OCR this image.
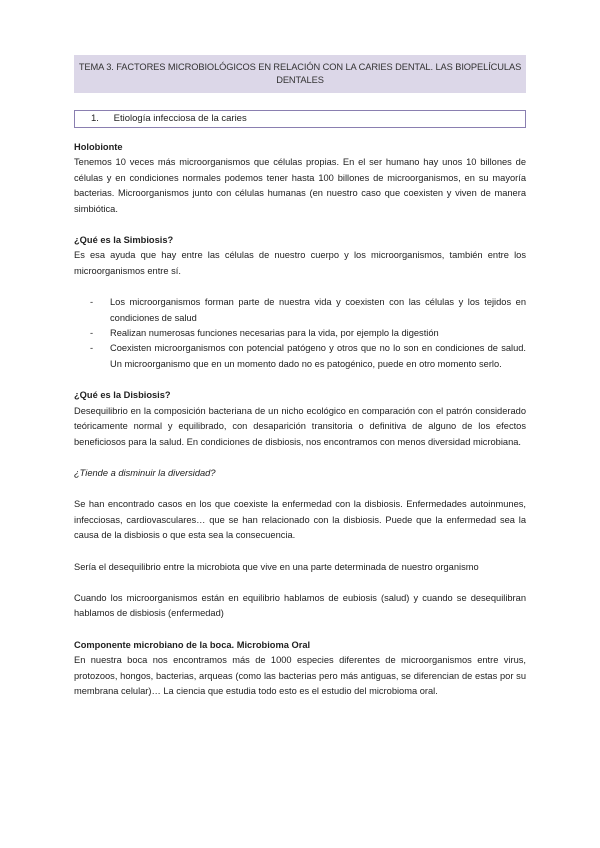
TEMA 3. FACTORES MICROBIOLÓGICOS EN RELACIÓN CON LA CARIES DENTAL. LAS BIOPELÍCULAS DENTALES
1. Etiología infecciosa de la caries

Holobionte

Tenemos 10 veces más microorganismos que células propias. En el ser humano hay unos 10 billones de células y en condiciones normales podemos tener hasta 100 billones de microorganismos, en su mayoría bacterias. Microorganismos junto con células humanas (en nuestro caso que coexisten y viven de manera simbiótica.

¿Qué es la Simbiosis?

Es esa ayuda que hay entre las células de nuestro cuerpo y los microorganismos, también entre los microorganismos entre sí.

- Los microorganismos forman parte de nuestra vida y coexisten con las células y los tejidos en condiciones de salud
- Realizan numerosas funciones necesarias para la vida, por ejemplo la digestión
- Coexisten microorganismos con potencial patógeno y otros que no lo son en condiciones de salud. Un microorganismo que en un momento dado no es patogénico, puede en otro momento serlo.

¿Qué es la Disbiosis?

Desequilibrio en la composición bacteriana de un nicho ecológico en comparación con el patrón considerado teóricamente normal y equilibrado, con desaparición transitoria o definitiva de alguno de los efectos beneficiosos para la salud. En condiciones de disbiosis, nos encontramos con menos diversidad microbiana.

¿Tiende a disminuir la diversidad?

Se han encontrado casos en los que coexiste la enfermedad con la disbiosis. Enfermedades autoinmunes, infecciosas, cardiovasculares… que se han relacionado con la disbiosis. Puede que la enfermedad sea la causa de la disbiosis o que esta sea la consecuencia.

Sería el desequilibrio entre la microbiota que vive en una parte determinada de nuestro organismo

Cuando los microorganismos están en equilibrio hablamos de eubiosis (salud) y cuando se desequilibran hablamos de disbiosis (enfermedad)

Componente microbiano de la boca. Microbioma Oral

En nuestra boca nos encontramos más de 1000 especies diferentes de microorganismos entre virus, protozoos, hongos, bacterias, arqueas (como las bacterias pero más antiguas, se diferencian de estas por su membrana celular)… La ciencia que estudia todo esto es el estudio del microbioma oral.
